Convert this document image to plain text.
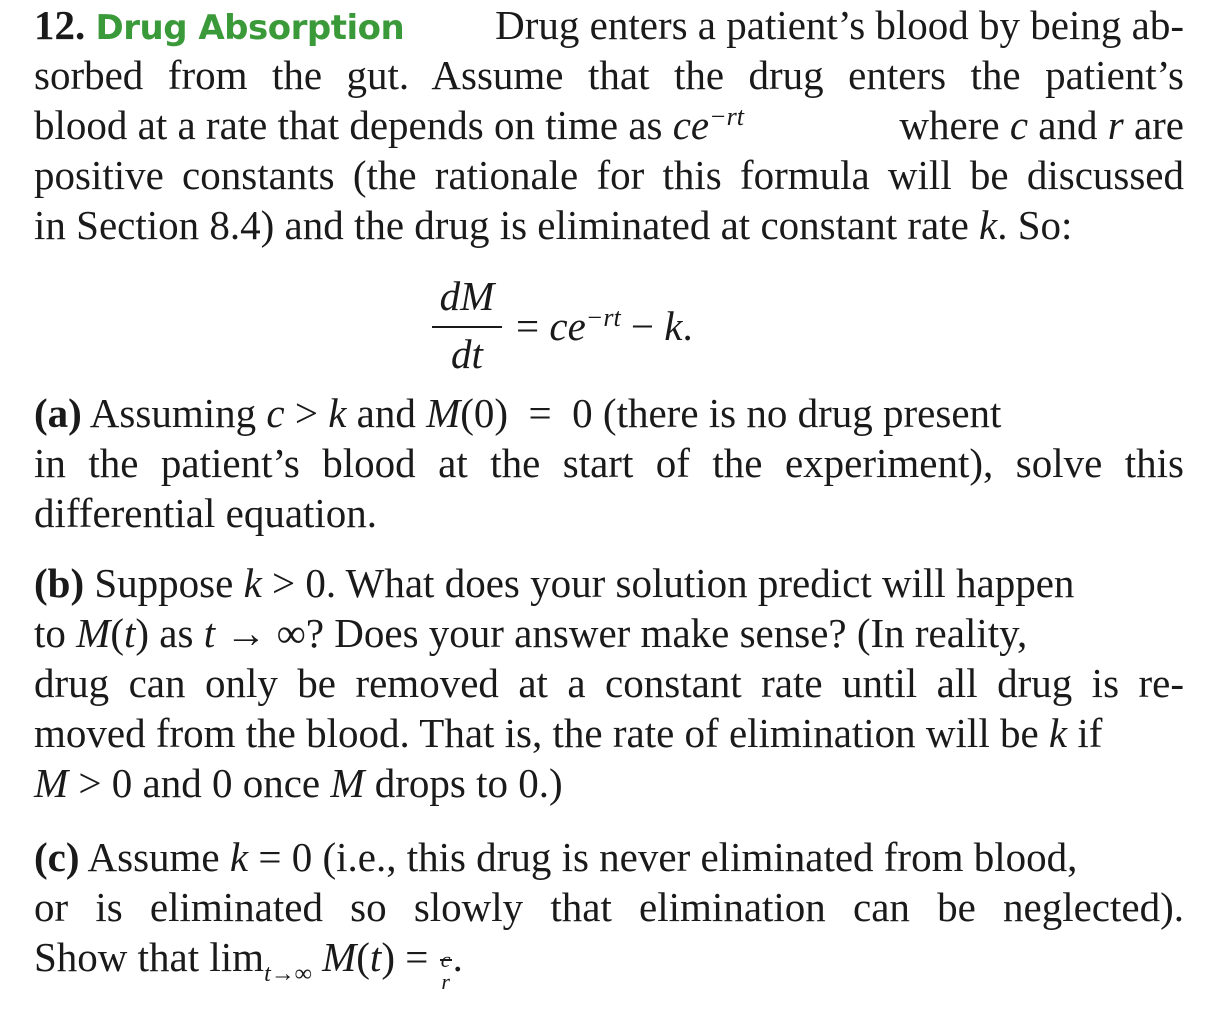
12. Drug Absorption Drug enters a patient’s blood by being ab-
sorbed from the gut. Assume that the drug enters the patient’s
blood at a rate that depends on time as $ce^{-rt}$	where c and r are
positive constants (the rationale for this formula will be discussed
in Section 8.4) and the drug is eliminated at constant rate k. So:
dM
dt
= $ce^{-rt} - k$.
(a) Assuming c > k and M(0)  =  0 (there is no drug present
in the patient’s blood at the start of the experiment), solve this
differential equation.
(b) Suppose k > 0. What does your solution predict will happen
to M(t) as t → ∞? Does your answer make sense? (In reality,
drug can only be removed at a constant rate until all drug is re-
moved from the blood. That is, the rate of elimination will be k if
M > 0 and 0 once M drops to 0.)
(c) Assume k = 0 (i.e., this drug is never eliminated from blood,
or is eliminated so slowly that elimination can be neglected).
Show that $\lim_{t\to\infty} M(t)$ =
r
.
